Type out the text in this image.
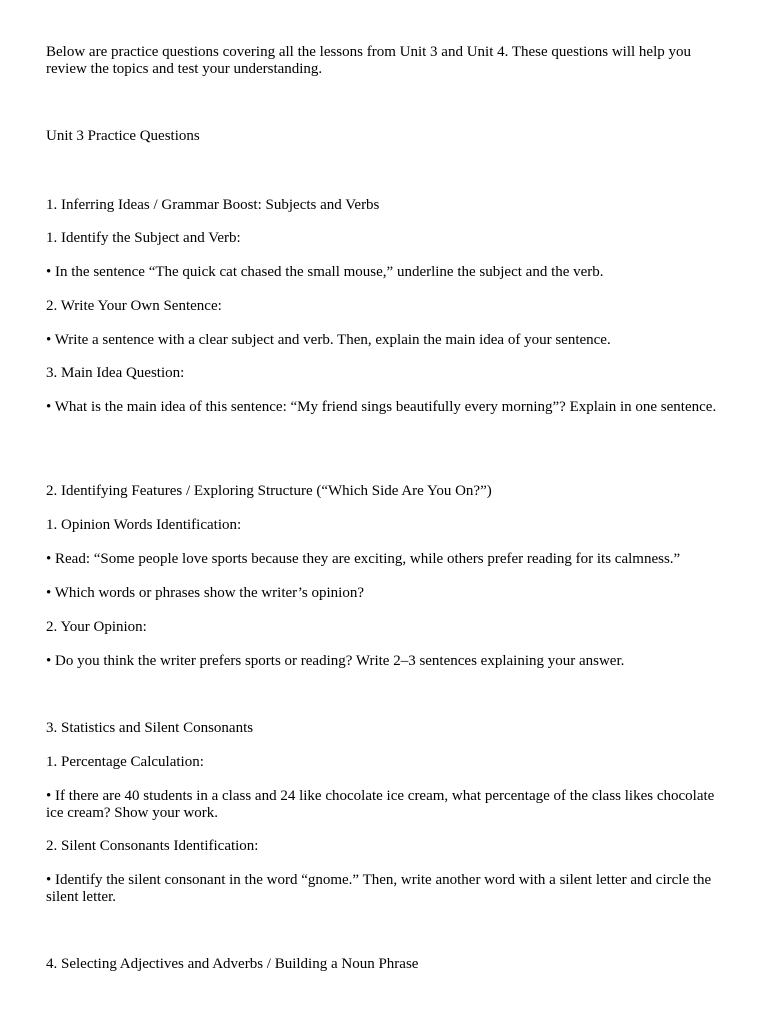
Below are practice questions covering all the lessons from Unit 3 and Unit 4. These questions will help you review the topics and test your understanding.

Unit 3 Practice Questions

1. Inferring Ideas / Grammar Boost: Subjects and Verbs

1. Identify the Subject and Verb:

• In the sentence “The quick cat chased the small mouse,” underline the subject and the verb.

2. Write Your Own Sentence:

• Write a sentence with a clear subject and verb. Then, explain the main idea of your sentence.

3. Main Idea Question:

• What is the main idea of this sentence: “My friend sings beautifully every morning”? Explain in one sentence.

2. Identifying Features / Exploring Structure (“Which Side Are You On?”)

1. Opinion Words Identification:

• Read: “Some people love sports because they are exciting, while others prefer reading for its calmness.”

• Which words or phrases show the writer’s opinion?

2. Your Opinion:

• Do you think the writer prefers sports or reading? Write 2–3 sentences explaining your answer.

3. Statistics and Silent Consonants

1. Percentage Calculation:

• If there are 40 students in a class and 24 like chocolate ice cream, what percentage of the class likes chocolate ice cream? Show your work.

2. Silent Consonants Identification:

• Identify the silent consonant in the word “gnome.” Then, write another word with a silent letter and circle the silent letter.

4. Selecting Adjectives and Adverbs / Building a Noun Phrase
